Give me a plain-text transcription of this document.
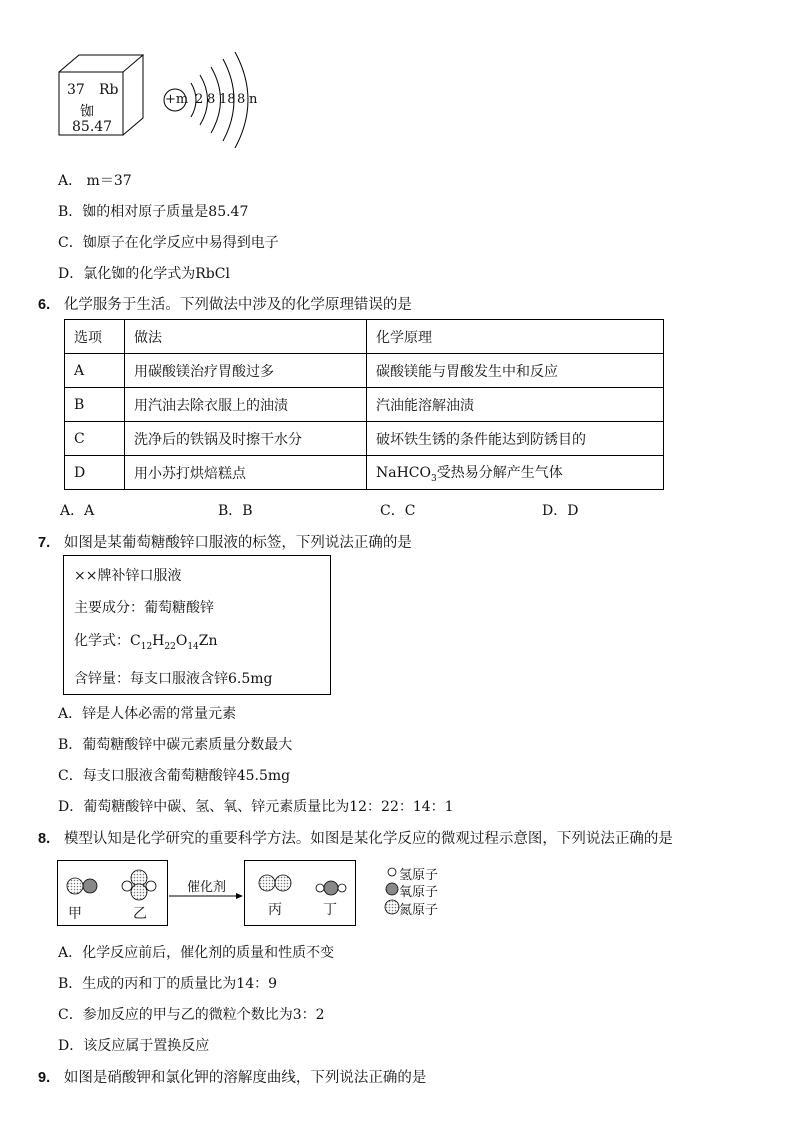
37 Rb
铷
85.47
+m 2 8 18 8 n
A． m＝37
B．铷的相对原子质量是85.47
C．铷原子在化学反应中易得到电子
D．氯化铷的化学式为RbCl
6. 化学服务于生活。下列做法中涉及的化学原理错误的是
选项	做法	化学原理
A	用碳酸镁治疗胃酸过多	碳酸镁能与胃酸发生中和反应
B	用汽油去除衣服上的油渍	汽油能溶解油渍
C	洗净后的铁锅及时擦干水分	破坏铁生锈的条件能达到防锈目的
D	用小苏打烘焙糕点	NaHCO$_3$受热易分解产生气体
A．A	B．B	C．C	D．D
7. 如图是某葡萄糖酸锌口服液的标签，下列说法正确的是
××牌补锌口服液
主要成分：葡萄糖酸锌
化学式：$C_{12}H_{22}O_{14}Zn$
含锌量：每支口服液含锌6.5mg
A．锌是人体必需的常量元素
B．葡萄糖酸锌中碳元素质量分数最大
C．每支口服液含葡萄糖酸锌45.5mg
D．葡萄糖酸锌中碳、氢、氧、锌元素质量比为12：22：14：1
8. 模型认知是化学研究的重要科学方法。如图是某化学反应的微观过程示意图，下列说法正确的是
甲	乙
催化剂
丙	丁
氢原子
氧原子
氮原子
A．化学反应前后，催化剂的质量和性质不变
B．生成的丙和丁的质量比为14：9
C．参加反应的甲与乙的微粒个数比为3：2
D．该反应属于置换反应
9. 如图是硝酸钾和氯化钾的溶解度曲线，下列说法正确的是
